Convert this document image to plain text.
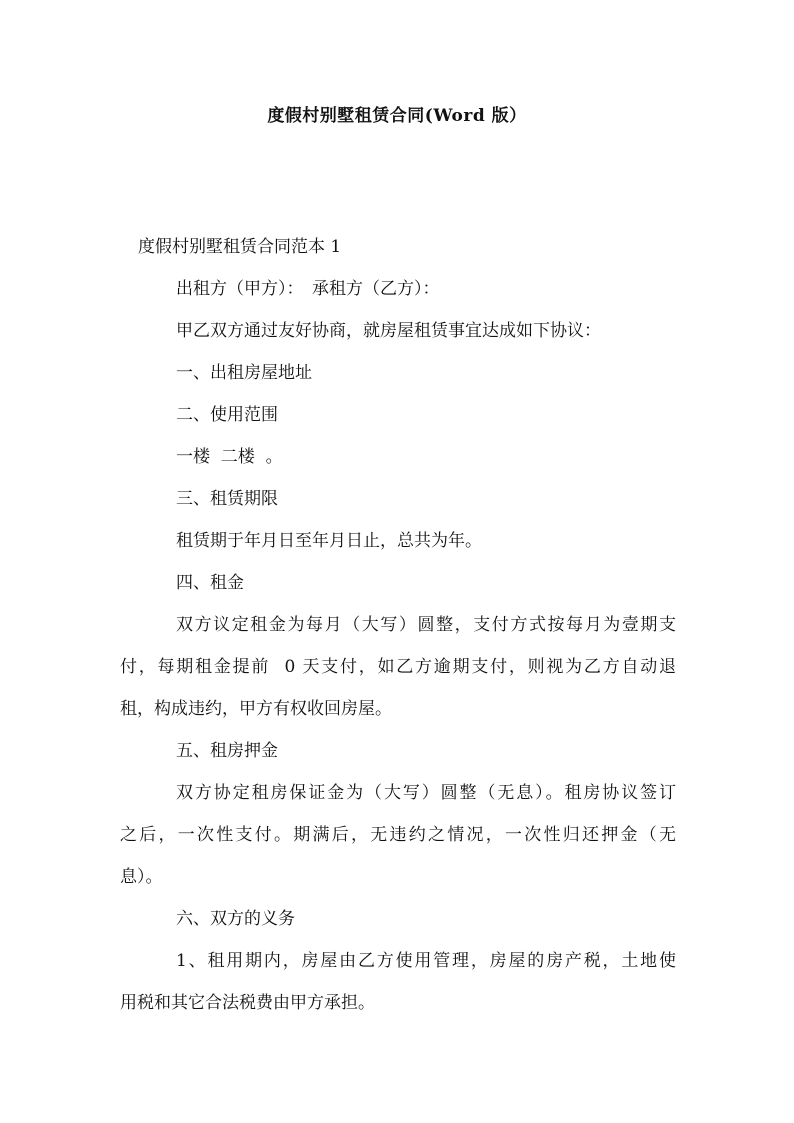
度假村别墅租赁合同(Word 版）

度假村别墅租赁合同范本 1

出租方（甲方）：　承租方（乙方）：

甲乙双方通过友好协商，就房屋租赁事宜达成如下协议：

一、出租房屋地址

二、使用范围

一楼  二楼  。

三、租赁期限

租赁期于年月日至年月日止，总共为年。

四、租金

双方议定租金为每月（大写）圆整，支付方式按每月为壹期支

付，每期租金提前  0 天支付，如乙方逾期支付，则视为乙方自动退

租，构成违约，甲方有权收回房屋。

五、租房押金

双方协定租房保证金为（大写）圆整（无息）。租房协议签订

之后，一次性支付。期满后，无违约之情况，一次性归还押金（无

息）。

六、双方的义务

1、租用期内，房屋由乙方使用管理，房屋的房产税，土地使

用税和其它合法税费由甲方承担。
